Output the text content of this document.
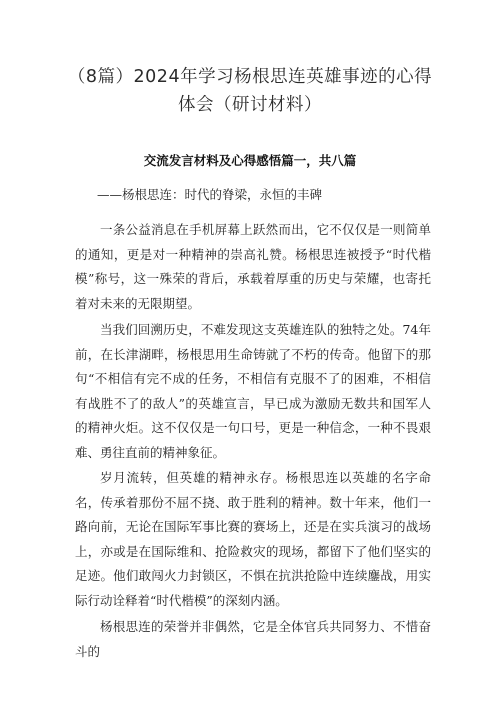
（8篇）2024年学习杨根思连英雄事迹的心得
体会（研讨材料）
交流发言材料及心得感悟篇一，共八篇
——杨根思连：时代的脊梁，永恒的丰碑

一条公益消息在手机屏幕上跃然而出，它不仅仅是一则简单的通知，更是对一种精神的崇高礼赞。杨根思连被授予“时代楷模”称号，这一殊荣的背后，承载着厚重的历史与荣耀，也寄托着对未来的无限期望。

当我们回溯历史，不难发现这支英雄连队的独特之处。74年前，在长津湖畔，杨根思用生命铸就了不朽的传奇。他留下的那句“不相信有完不成的任务，不相信有克服不了的困难，不相信有战胜不了的敌人”的英雄宣言，早已成为激励无数共和国军人的精神火炬。这不仅仅是一句口号，更是一种信念，一种不畏艰难、勇往直前的精神象征。

岁月流转，但英雄的精神永存。杨根思连以英雄的名字命名，传承着那份不屈不挠、敢于胜利的精神。数十年来，他们一路向前，无论在国际军事比赛的赛场上，还是在实兵演习的战场上，亦或是在国际维和、抢险救灾的现场，都留下了他们坚实的足迹。他们敢闯火力封锁区，不惧在抗洪抢险中连续鏖战，用实际行动诠释着“时代楷模”的深刻内涵。

杨根思连的荣誉并非偶然，它是全体官兵共同努力、不惜奋斗的
